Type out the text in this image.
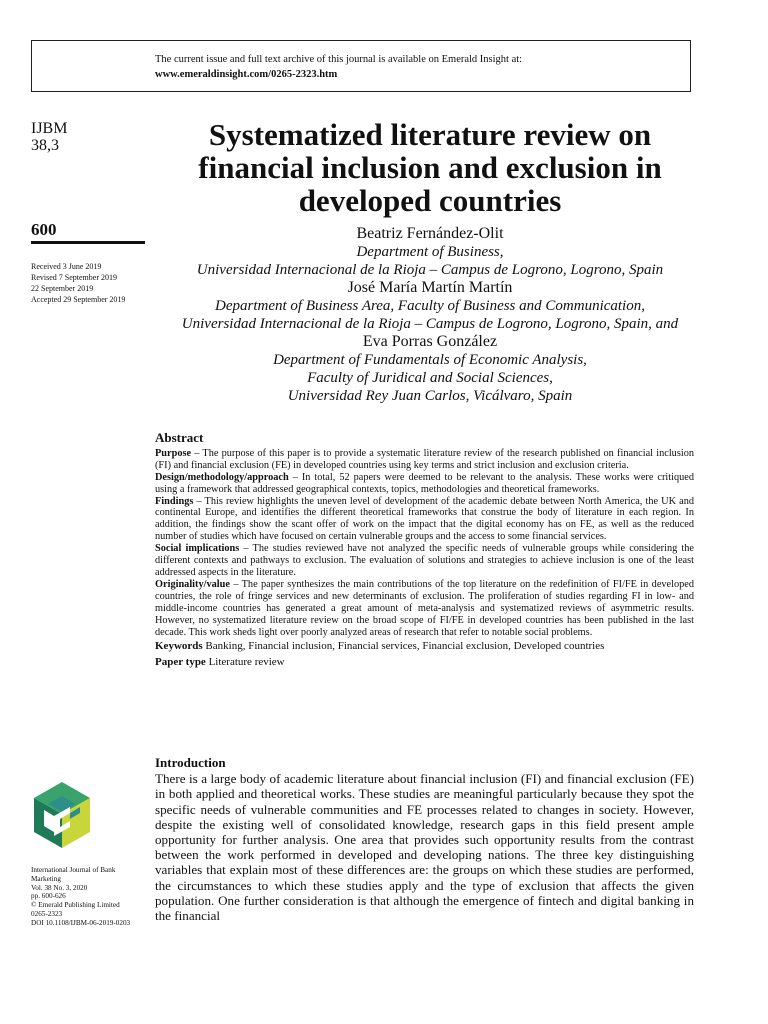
The current issue and full text archive of this journal is available on Emerald Insight at:
www.emeraldinsight.com/0265-2323.htm
IJBM
38,3
600
Received 3 June 2019
Revised 7 September 2019
22 September 2019
Accepted 29 September 2019
Systematized literature review on financial inclusion and exclusion in developed countries
Beatriz Fernández-Olit
Department of Business,
Universidad Internacional de la Rioja – Campus de Logrono, Logrono, Spain
José María Martín Martín
Department of Business Area, Faculty of Business and Communication,
Universidad Internacional de la Rioja – Campus de Logrono, Logrono, Spain, and
Eva Porras González
Department of Fundamentals of Economic Analysis,
Faculty of Juridical and Social Sciences,
Universidad Rey Juan Carlos, Vicálvaro, Spain
Abstract

Purpose – The purpose of this paper is to provide a systematic literature review of the research published on financial inclusion (FI) and financial exclusion (FE) in developed countries using key terms and strict inclusion and exclusion criteria.

Design/methodology/approach – In total, 52 papers were deemed to be relevant to the analysis. These works were critiqued using a framework that addressed geographical contexts, topics, methodologies and theoretical frameworks.

Findings – This review highlights the uneven level of development of the academic debate between North America, the UK and continental Europe, and identifies the different theoretical frameworks that construe the body of literature in each region. In addition, the findings show the scant offer of work on the impact that the digital economy has on FE, as well as the reduced number of studies which have focused on certain vulnerable groups and the access to some financial services.

Social implications – The studies reviewed have not analyzed the specific needs of vulnerable groups while considering the different contexts and pathways to exclusion. The evaluation of solutions and strategies to achieve inclusion is one of the least addressed aspects in the literature.

Originality/value – The paper synthesizes the main contributions of the top literature on the redefinition of FI/FE in developed countries, the role of fringe services and new determinants of exclusion. The proliferation of studies regarding FI in low- and middle-income countries has generated a great amount of meta-analysis and systematized reviews of asymmetric results. However, no systematized literature review on the broad scope of FI/FE in developed countries has been published in the last decade. This work sheds light over poorly analyzed areas of research that refer to notable social problems.

Keywords Banking, Financial inclusion, Financial services, Financial exclusion, Developed countries

Paper type Literature review

Introduction
There is a large body of academic literature about financial inclusion (FI) and financial exclusion (FE) in both applied and theoretical works. These studies are meaningful particularly because they spot the specific needs of vulnerable communities and FE processes related to changes in society. However, despite the existing well of consolidated knowledge, research gaps in this field present ample opportunity for further analysis. One area that provides such opportunity results from the contrast between the work performed in developed and developing nations. The three key distinguishing variables that explain most of these differences are: the groups on which these studies are performed, the circumstances to which these studies apply and the type of exclusion that affects the given population. One further consideration is that although the emergence of fintech and digital banking in the financial
International Journal of Bank
Marketing
Vol. 38 No. 3, 2020
pp. 600-626
© Emerald Publishing Limited
0265-2323
DOI 10.1108/IJBM-06-2019-0203
